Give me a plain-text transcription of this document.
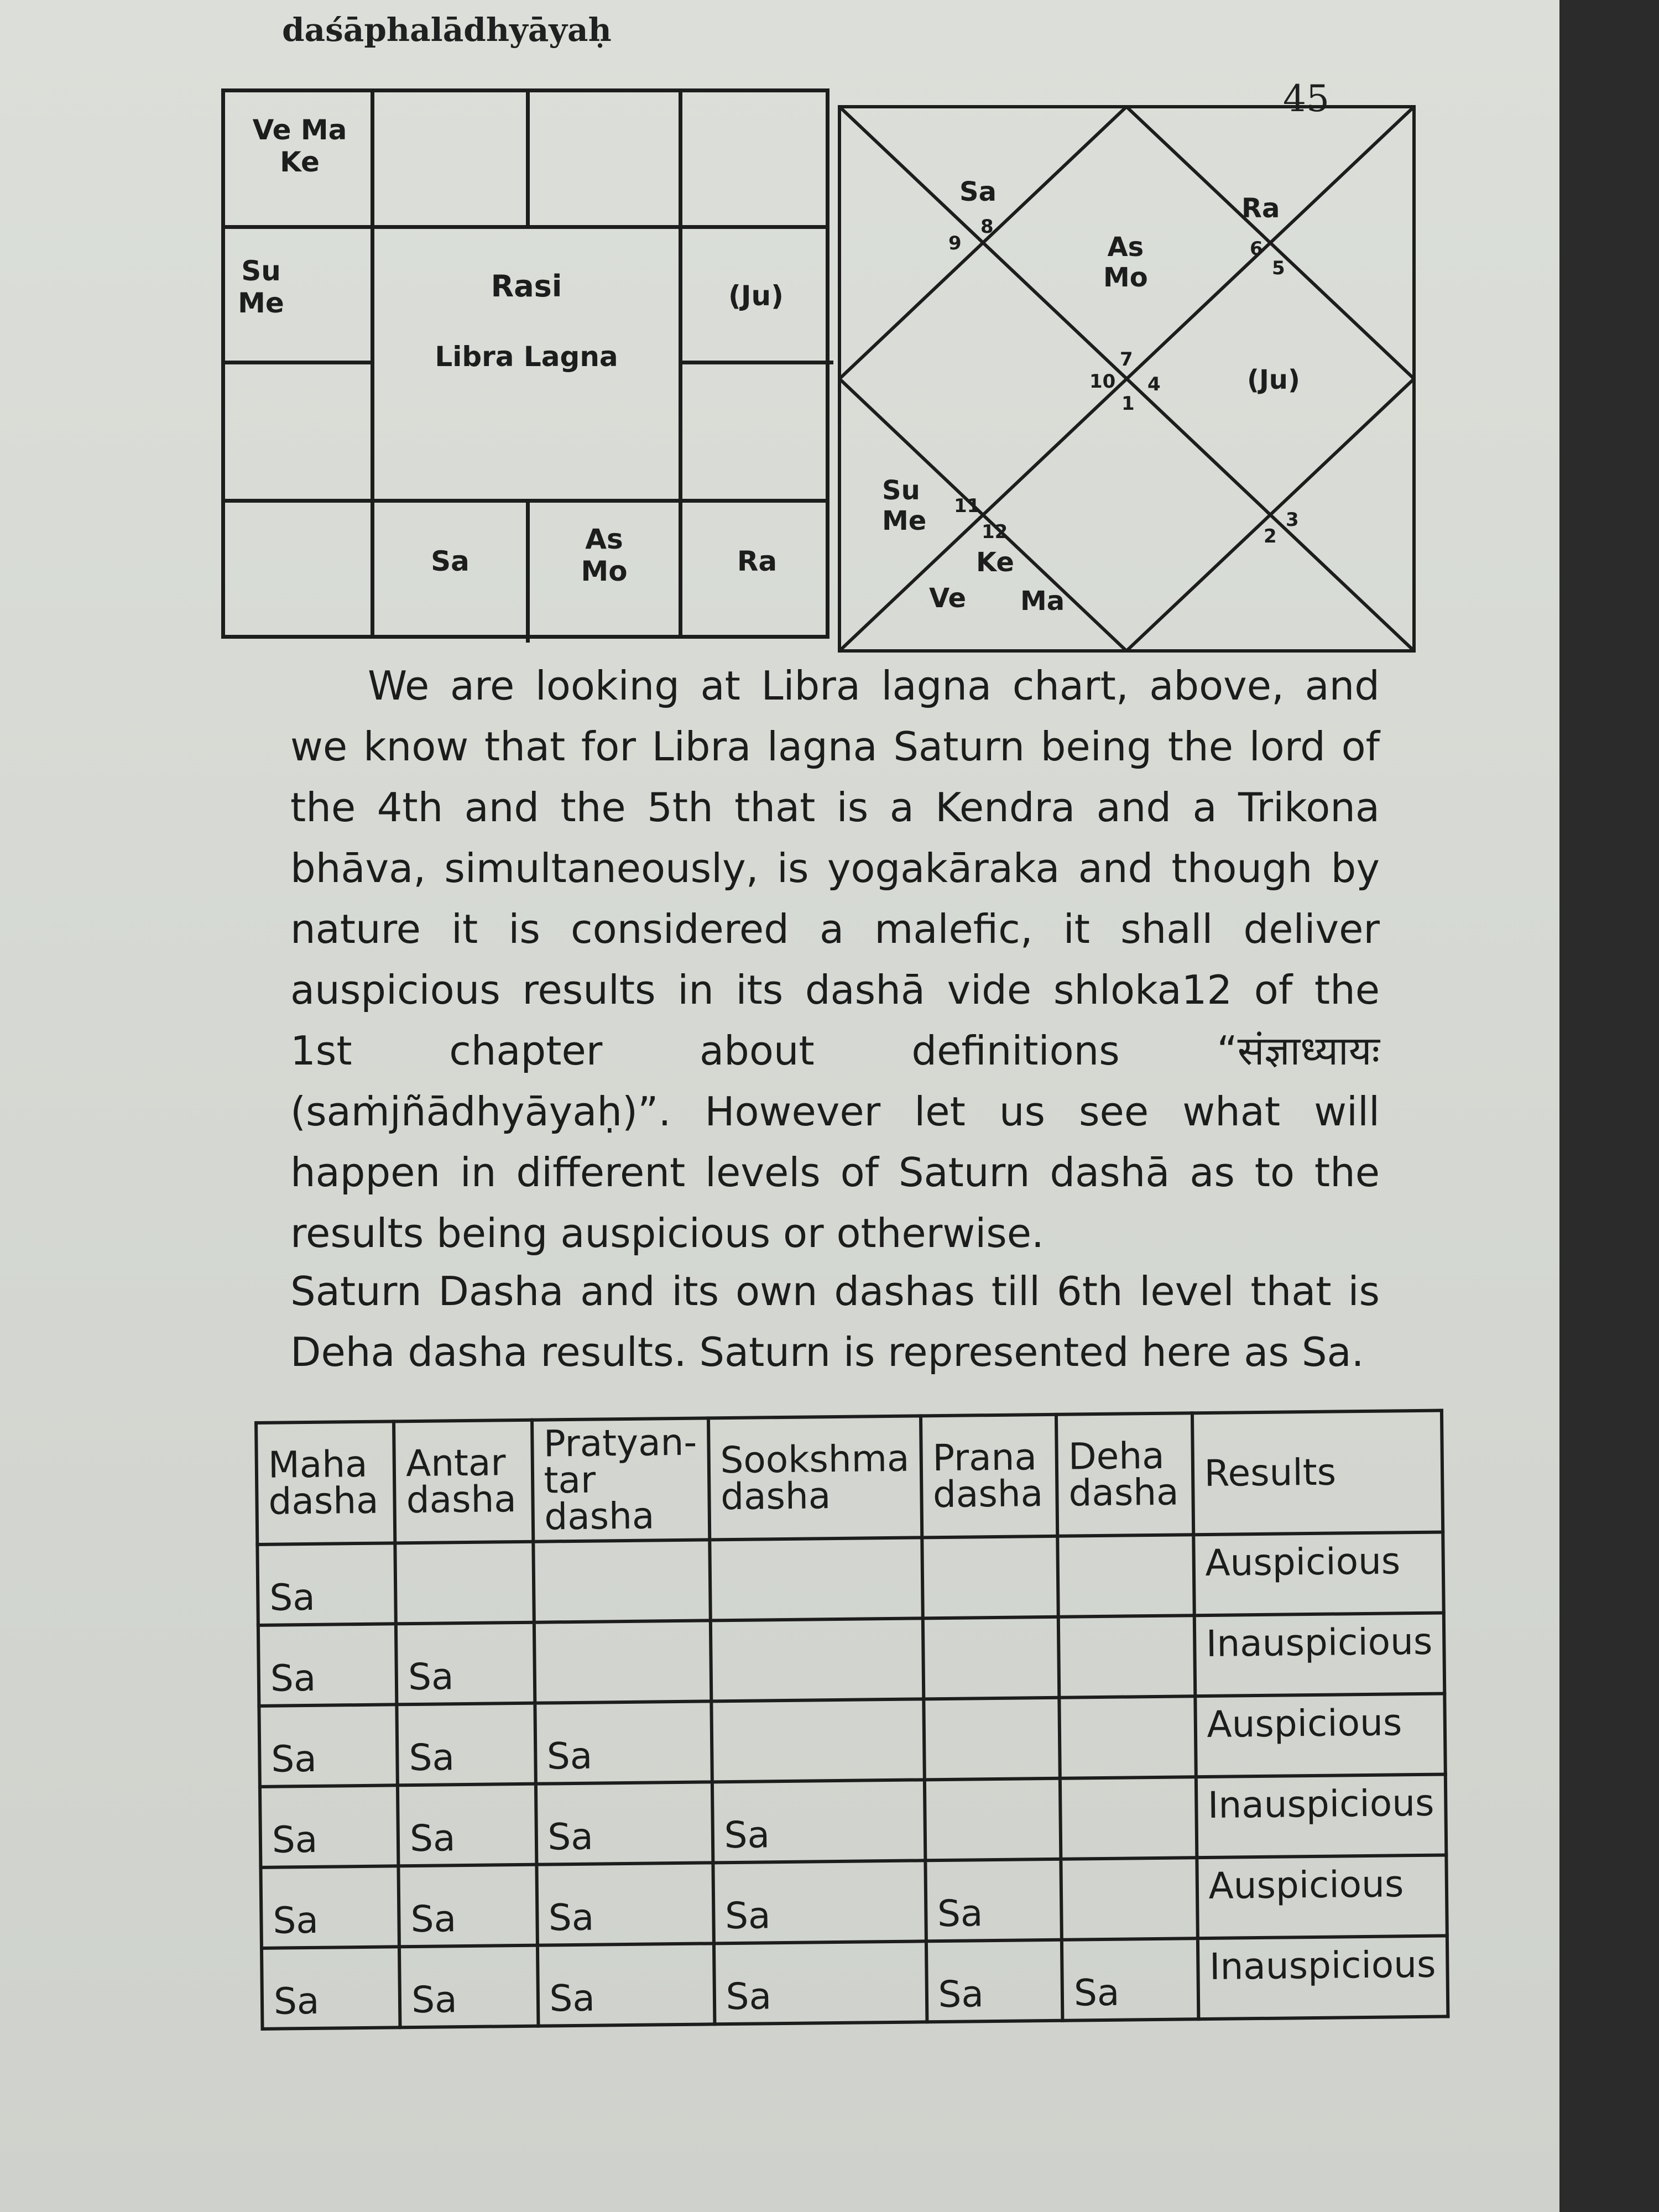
daśāphalādhyāyaḥ
45
Ve Ma
Ke
Su
Me	(Ju)
Rasi
Libra Lagna
Sa
As
Mo	Ra
Sa
9
8
As
Mo
Ra
6
5
7
10 4
1
(Ju)
Su
Me 11
12
Ke
Ve Ma
2
3

We are looking at Libra lagna chart, above, and we know that for Libra lagna Saturn being the lord of the 4th and the 5th that is a Kendra and a Trikona bhāva, simultaneously, is yogakāraka and though by nature it is considered a malefic, it shall deliver auspicious results in its dashā vide shloka12 of the 1st chapter about definitions “संज्ञाध्यायः (saṁjñādhyāyaḥ)”. However let us see what will happen in different levels of Saturn dashā as to the results being auspicious or otherwise.

Saturn Dasha and its own dashas till 6th level that is Deha dasha results. Saturn is represented here as Sa.

Maha dasha	Antar dasha	Pratyan- tar dasha	Sookshma dasha	Prana dasha	Deha dasha	Results
Sa						Auspicious
Sa	Sa					Inauspicious
Sa	Sa	Sa				Auspicious
Sa	Sa	Sa	Sa			Inauspicious
Sa	Sa	Sa	Sa	Sa		Auspicious
Sa	Sa	Sa	Sa	Sa	Sa	Inauspicious
